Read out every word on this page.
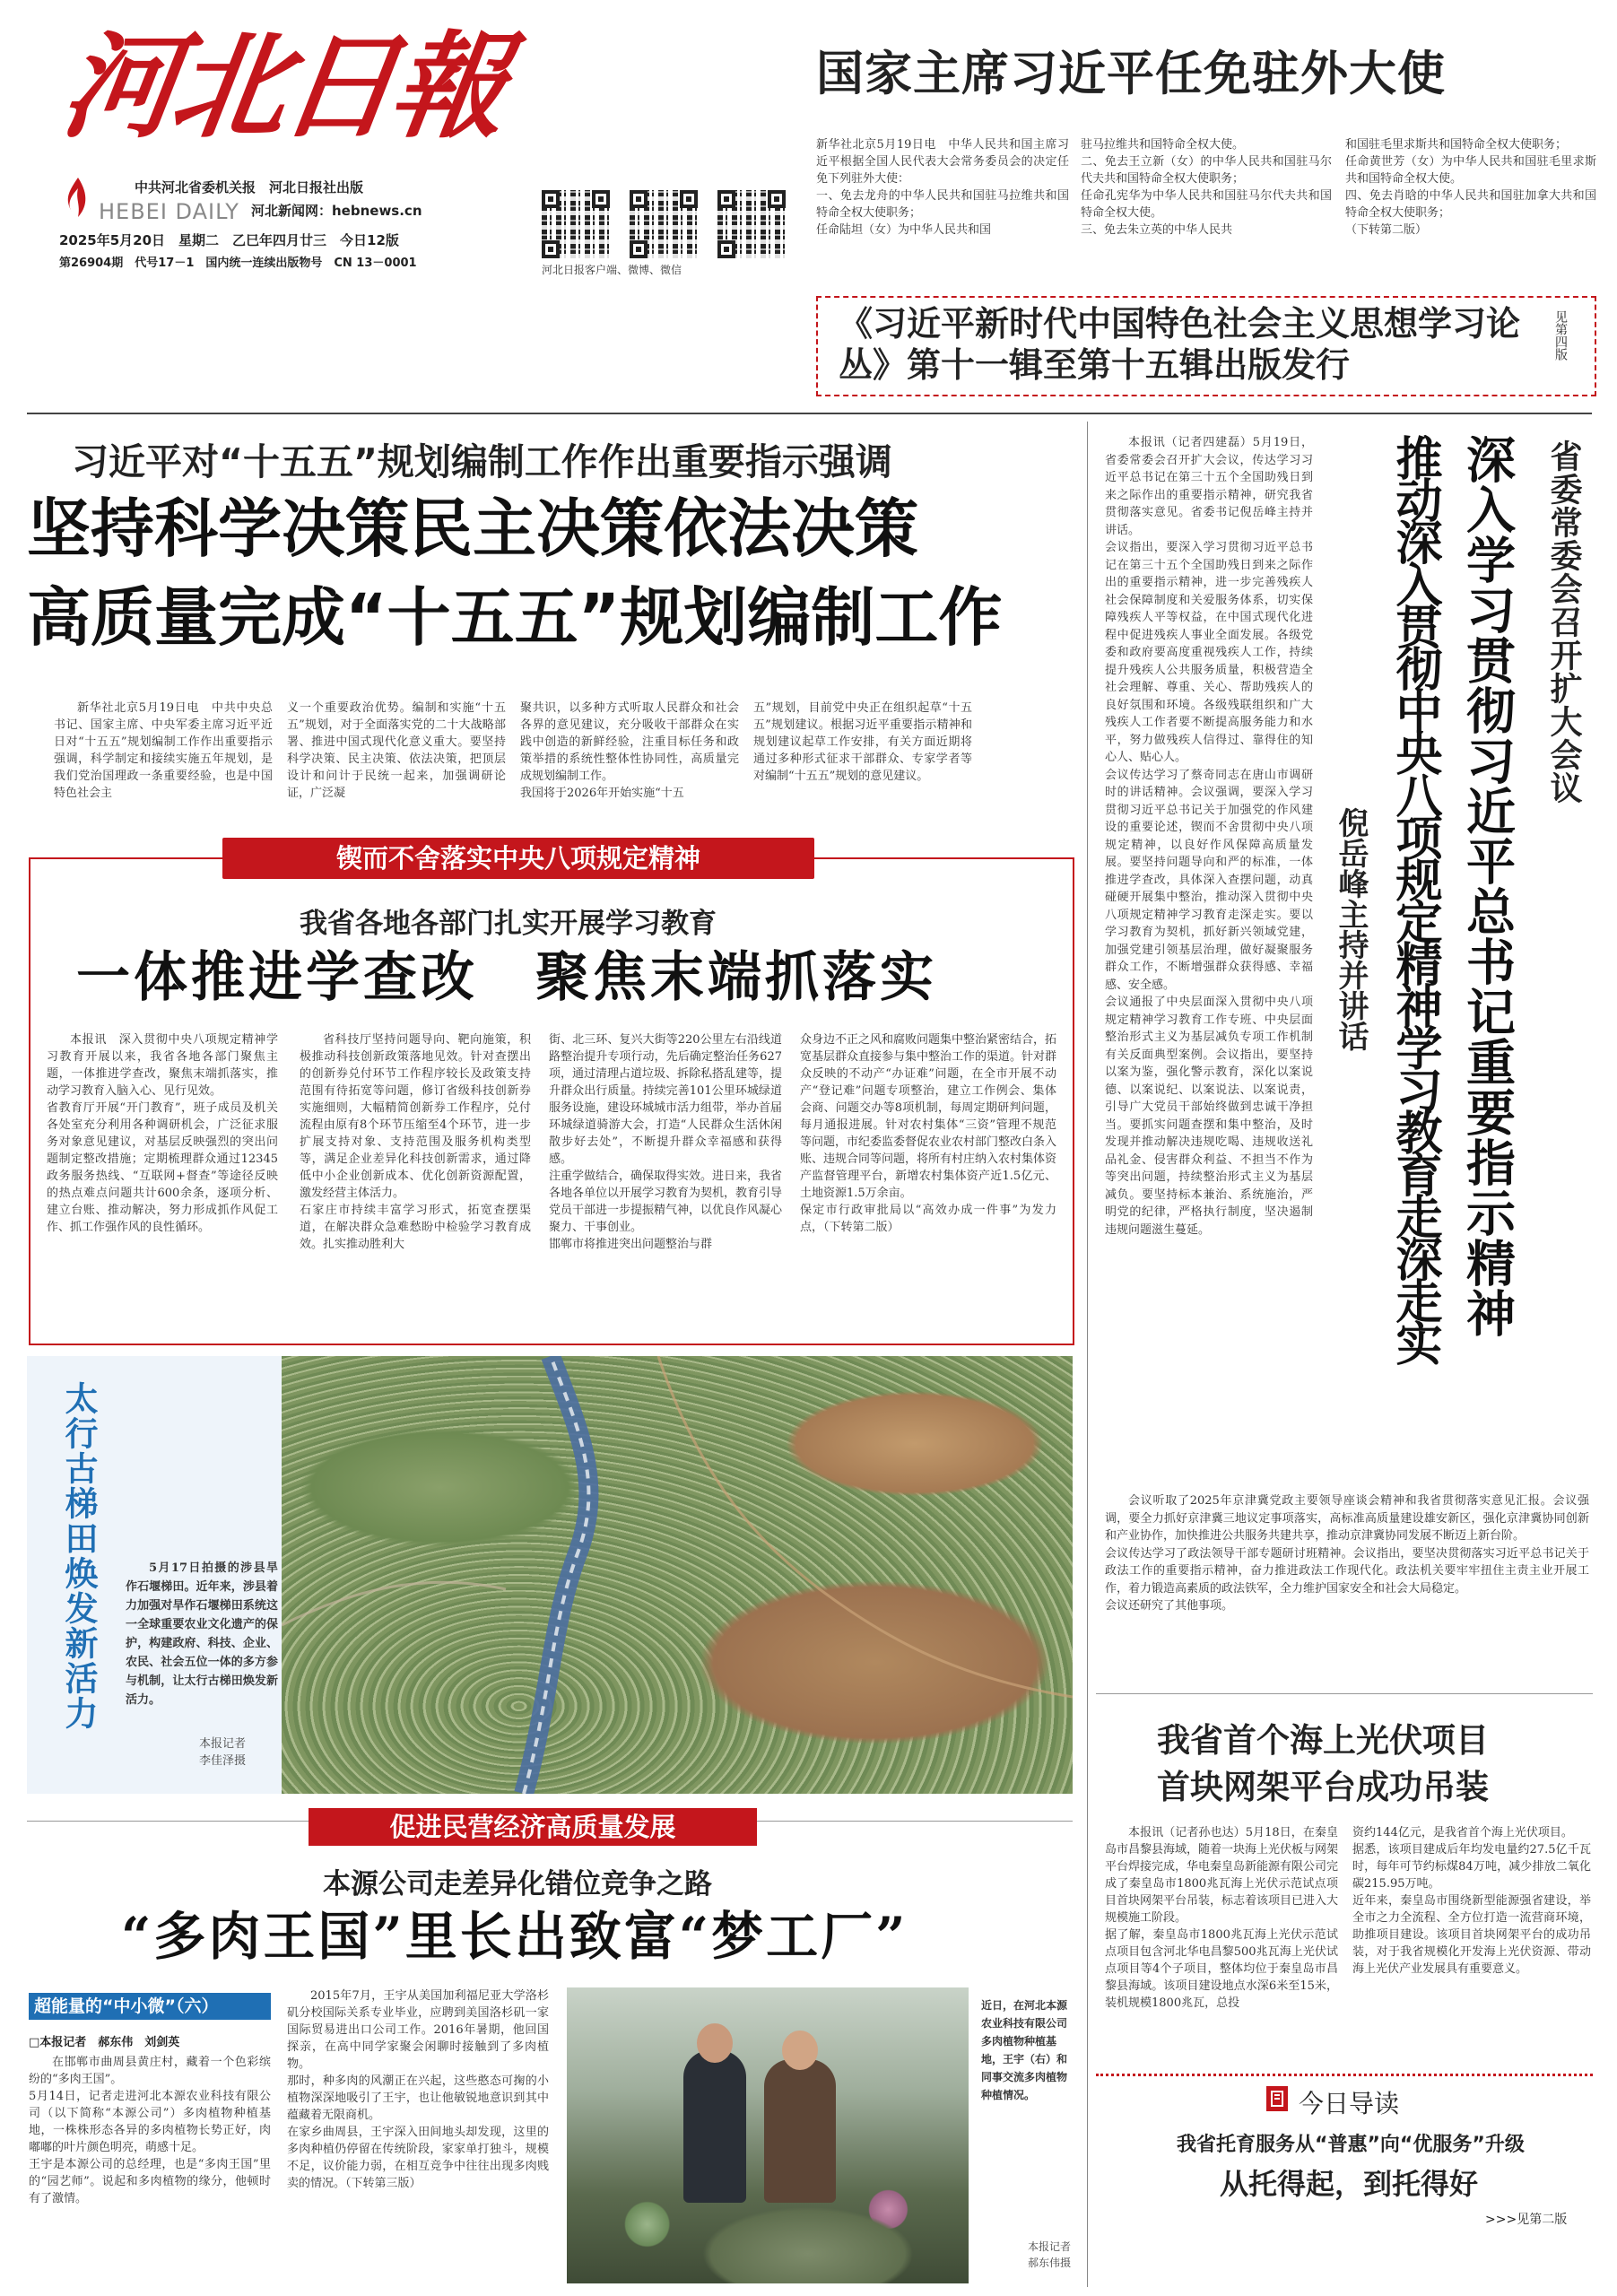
河北日報
中共河北省委机关报　河北日报社出版
HEBEI DAILY 河北新闻网：hebnews.cn
2025年5月20日　星期二　乙巳年四月廿三　今日12版
第26904期　代号17－1　国内统一连续出版物号　CN 13－0001	河北日报客户端、微博、微信
国家主席习近平任免驻外大使
新华社北京5月19日电　中华人民共和国主席习近平根据全国人民代表大会常务委员会的决定任免下列驻外大使：
一、免去龙舟的中华人民共和国驻马拉维共和国特命全权大使职务；
任命陆坦（女）为中华人民共和国
驻马拉维共和国特命全权大使。
二、免去王立新（女）的中华人民共和国驻马尔代夫共和国特命全权大使职务；
任命孔宪华为中华人民共和国驻马尔代夫共和国特命全权大使。
三、免去朱立英的中华人民共
和国驻毛里求斯共和国特命全权大使职务；
任命黄世芳（女）为中华人民共和国驻毛里求斯共和国特命全权大使。
四、免去肖晗的中华人民共和国驻加拿大共和国特命全权大使职务；
（下转第二版）
《习近平新时代中国特色社会主义思想学习论丛》第十一辑至第十五辑出版发行
见第四版
习近平对“十五五”规划编制工作作出重要指示强调
坚持科学决策民主决策依法决策
高质量完成“十五五”规划编制工作
新华社北京5月19日电　中共中央总书记、国家主席、中央军委主席习近平近日对“十五五”规划编制工作作出重要指示强调，科学制定和接续实施五年规划，是我们党治国理政一条重要经验，也是中国特色社会主
义一个重要政治优势。编制和实施“十五五”规划，对于全面落实党的二十大战略部署、推进中国式现代化意义重大。要坚持科学决策、民主决策、依法决策，把顶层设计和问计于民统一起来，加强调研论证，广泛凝
聚共识，以多种方式听取人民群众和社会各界的意见建议，充分吸收干部群众在实践中创造的新鲜经验，注重目标任务和政策举措的系统性整体性协同性，高质量完成规划编制工作。
我国将于2026年开始实施“十五
五”规划，目前党中央正在组织起草“十五五”规划建议。根据习近平重要指示精神和规划建议起草工作安排，有关方面近期将通过多种形式征求干部群众、专家学者等对编制“十五五”规划的意见建议。
锲而不舍落实中央八项规定精神
我省各地各部门扎实开展学习教育
一体推进学查改　聚焦末端抓落实
本报讯　深入贯彻中央八项规定精神学习教育开展以来，我省各地各部门聚焦主题，一体推进学查改，聚焦末端抓落实，推动学习教育入脑入心、见行见效。
省教育厅开展“开门教育”，班子成员及机关各处室充分利用各种调研机会，广泛征求服务对象意见建议，对基层反映强烈的突出问题制定整改措施；定期梳理群众通过12345政务服务热线、“互联网+督查”等途径反映的热点难点问题共计600余条，逐项分析、建立台账、推动解决，努力形成抓作风促工作、抓工作强作风的良性循环。
省科技厅坚持问题导向、靶向施策，积极推动科技创新政策落地见效。针对查摆出的创新券兑付环节工作程序较长及政策支持范围有待拓宽等问题，修订省级科技创新券实施细则，大幅精简创新券工作程序，兑付流程由原有8个环节压缩至4个环节，进一步扩展支持对象、支持范围及服务机构类型等，满足企业差异化科技创新需求，通过降低中小企业创新成本、优化创新资源配置，激发经营主体活力。
石家庄市持续丰富学习形式，拓宽查摆渠道，在解决群众急难愁盼中检验学习教育成效。扎实推动胜利大
街、北三环、复兴大街等220公里左右沿线道路整治提升专项行动，先后确定整治任务627项，通过清理占道垃圾、拆除私搭乱建等，提升群众出行质量。持续完善101公里环城绿道服务设施，建设环城城市活力组带，举办首届环城绿道骑游大会，打造“人民群众生活休闲散步好去处”，不断提升群众幸福感和获得感。
注重学做结合，确保取得实效。进日来，我省各地各单位以开展学习教育为契机，教育引导党员干部进一步提振精气神，以优良作风凝心聚力、干事创业。
邯郸市将推进突出问题整治与群
众身边不正之风和腐败问题集中整治紧密结合，拓宽基层群众直接参与集中整治工作的渠道。针对群众反映的不动产“办证难”问题，在全市开展不动产“登记难”问题专项整治，建立工作例会、集体会商、问题交办等8项机制，每周定期研判问题，每月通报进展。针对农村集体“三资”管理不规范等问题，市纪委监委督促农业农村部门整改白条入账、违规合同等问题，将所有村庄纳入农村集体资产监督管理平台，新增农村集体资产近1.5亿元、土地资源1.5万余亩。
保定市行政审批局以“高效办成一件事”为发力点，（下转第二版）
太行古梯田焕发新活力	5月17日拍摄的涉县旱作石堰梯田。近年来，涉县着力加强对旱作石堰梯田系统这一全球重要农业文化遗产的保护，构建政府、科技、企业、农民、社会五位一体的多方参与机制，让太行古梯田焕发新活力。
本报记者
李佳泽摄
促进民营经济高质量发展
本源公司走差异化错位竞争之路
“多肉王国”里长出致富“梦工厂”
超能量的“中小微”（六）
□本报记者　郝东伟　刘剑英
在邯郸市曲周县黄庄村，藏着一个色彩缤纷的“多肉王国”。
5月14日，记者走进河北本源农业科技有限公司（以下简称“本源公司”）多肉植物种植基地，一株株形态各异的多肉植物长势正好，肉嘟嘟的叶片颜色明亮，萌感十足。
王宇是本源公司的总经理，也是“多肉王国”里的“园艺师”。说起和多肉植物的缘分，他顿时有了激情。
2015年7月，王宇从美国加利福尼亚大学洛杉矶分校国际关系专业毕业，应聘到美国洛杉矶一家国际贸易进出口公司工作。2016年暑期，他回国探亲，在高中同学家聚会闲聊时接触到了多肉植物。
那时，种多肉的风潮正在兴起，这些憨态可掬的小植物深深地吸引了王宇，也让他敏锐地意识到其中蕴藏着无限商机。
在家乡曲周县，王宇深入田间地头却发现，这里的多肉种植仍停留在传统阶段，家家单打独斗，规模不足，议价能力弱，在相互竞争中往往出现多肉贱卖的情况。（下转第三版）
近日，在河北本源农业科技有限公司多肉植物种植基地，王宇（右）和同事交流多肉植物种植情况。
本报记者
郝东伟摄
本报讯（记者四建磊）5月19日，省委常委会召开扩大会议，传达学习习近平总书记在第三十五个全国助残日到来之际作出的重要指示精神，研究我省贯彻落实意见。省委书记倪岳峰主持并讲话。
会议指出，要深入学习贯彻习近平总书记在第三十五个全国助残日到来之际作出的重要指示精神，进一步完善残疾人社会保障制度和关爱服务体系，切实保障残疾人平等权益，在中国式现代化进程中促进残疾人事业全面发展。各级党委和政府要高度重视残疾人工作，持续提升残疾人公共服务质量，积极营造全社会理解、尊重、关心、帮助残疾人的良好氛围和环境。各级残联组织和广大残疾人工作者要不断提高服务能力和水平，努力做残疾人信得过、靠得住的知心人、贴心人。
会议传达学习了蔡奇同志在唐山市调研时的讲话精神。会议强调，要深入学习贯彻习近平总书记关于加强党的作风建设的重要论述，锲而不舍贯彻中央八项规定精神，以良好作风保障高质量发展。要坚持问题导向和严的标准，一体推进学查改，具体深入查摆问题，动真碰硬开展集中整治，推动深入贯彻中央八项规定精神学习教育走深走实。要以学习教育为契机，抓好新兴领域党建，加强党建引领基层治理，做好凝聚服务群众工作，不断增强群众获得感、幸福感、安全感。
会议通报了中央层面深入贯彻中央八项规定精神学习教育工作专班、中央层面整治形式主义为基层减负专项工作机制有关反面典型案例。会议指出，要坚持以案为鉴，强化警示教育，深化以案说德、以案说纪、以案说法、以案说责，引导广大党员干部始终做到忠诚干净担当。要抓实问题查摆和集中整治，及时发现并推动解决违规吃喝、违规收送礼品礼金、侵害群众利益、不担当不作为等突出问题，持续整治形式主义为基层减负。要坚持标本兼治、系统施治，严明党的纪律，严格执行制度，坚决遏制违规问题滋生蔓延。
省委常委会召开扩大会议
深入学习贯彻习近平总书记重要指示精神
推动深入贯彻中央八项规定精神学习教育走深走实
倪岳峰主持并讲话
会议听取了2025年京津冀党政主要领导座谈会精神和我省贯彻落实意见汇报。会议强调，要全力抓好京津冀三地议定事项落实，高标准高质量建设雄安新区，强化京津冀协同创新和产业协作，加快推进公共服务共建共享，推动京津冀协同发展不断迈上新台阶。
会议传达学习了政法领导干部专题研讨班精神。会议指出，要坚决贯彻落实习近平总书记关于政法工作的重要指示精神，奋力推进政法工作现代化。政法机关要牢牢扭住主责主业开展工作，着力锻造高素质的政法铁军，全力维护国家安全和社会大局稳定。
会议还研究了其他事项。
我省首个海上光伏项目
首块网架平台成功吊装
本报讯（记者孙也达）5月18日，在秦皇岛市昌黎县海域，随着一块海上光伏板与网架平台焊接完成，华电秦皇岛新能源有限公司完成了秦皇岛市1800兆瓦海上光伏示范试点项目首块网架平台吊装，标志着该项目已进入大规模施工阶段。
据了解，秦皇岛市1800兆瓦海上光伏示范试点项目包含河北华电昌黎500兆瓦海上光伏试点项目等4个子项目，整体均位于秦皇岛市昌黎县海域。该项目建设地点水深6米至15米，装机规模1800兆瓦，总投
资约144亿元，是我省首个海上光伏项目。
据悉，该项目建成后年均发电量约27.5亿千瓦时，每年可节约标煤84万吨，减少排放二氧化碳215.95万吨。
近年来，秦皇岛市围绕新型能源强省建设，举全市之力全流程、全方位打造一流营商环境，助推项目建设。该项目首块网架平台的成功吊装，对于我省规模化开发海上光伏资源、带动海上光伏产业发展具有重要意义。
今日导读
我省托育服务从“普惠”向“优服务”升级
从托得起，到托得好
>>>见第二版
